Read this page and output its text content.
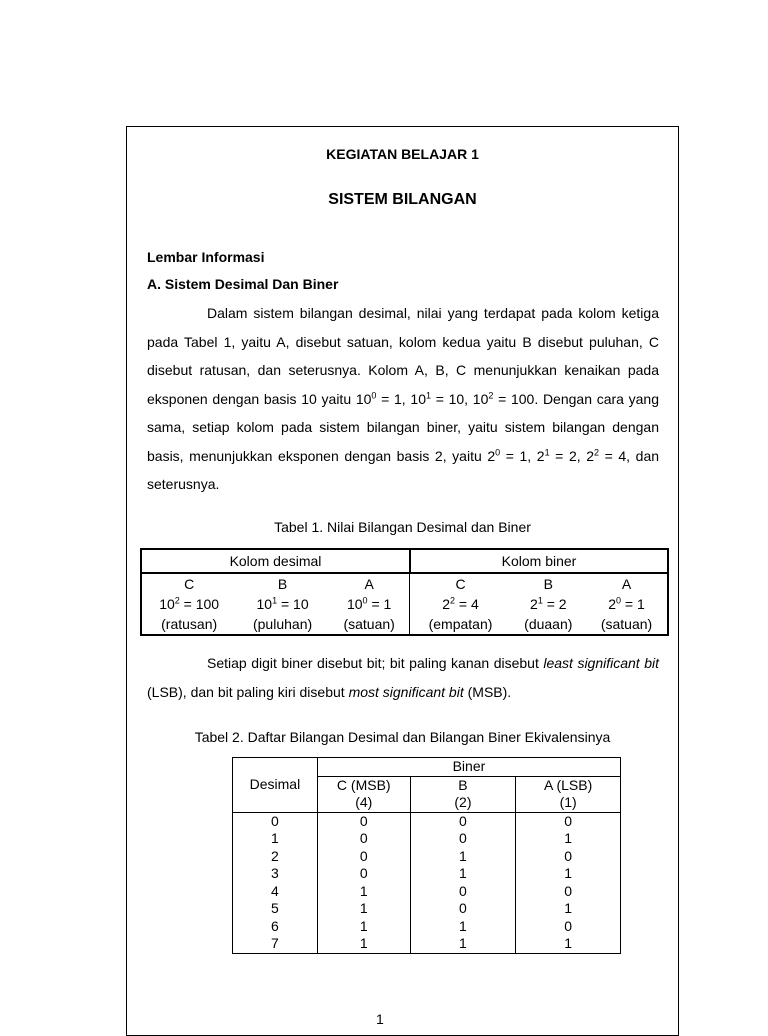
KEGIATAN BELAJAR 1
SISTEM BILANGAN
Lembar Informasi
A. Sistem Desimal Dan Biner

Dalam sistem bilangan desimal, nilai yang terdapat pada kolom ketiga pada Tabel 1, yaitu A, disebut satuan, kolom kedua yaitu B disebut puluhan, C disebut ratusan, dan seterusnya. Kolom A, B, C menunjukkan kenaikan pada eksponen dengan basis 10 yaitu $10^0 = 1$, $10^1 = 10$, $10^2 = 100$. Dengan cara yang sama, setiap kolom pada sistem bilangan biner, yaitu sistem bilangan dengan basis, menunjukkan eksponen dengan basis 2, yaitu $2^0 = 1$, $2^1 = 2$, $2^2 = 4$, dan seterusnya.

Tabel 1. Nilai Bilangan Desimal dan Biner
Kolom desimal			Kolom biner		
C	B	A	C	B	A
$10^2 = 100$	$10^1 = 10$	$10^0 = 1$	$2^2 = 4$	$2^1 = 2$	$2^0 = 1$
(ratusan)	(puluhan)	(satuan)	(empatan)	(duaan)	(satuan)

Setiap digit biner disebut bit; bit paling kanan disebut least significant bit (LSB), dan bit paling kiri disebut most significant bit (MSB).

Tabel 2. Daftar Bilangan Desimal dan Bilangan Biner Ekivalensinya
Desimal	Biner		
	C (MSB)	B	A (LSB)
	(4)	(2)	(1)
0	0	0	0
1	0	0	1
2	0	1	0
3	0	1	1
4	1	0	0
5	1	0	1
6	1	1	0
7	1	1	1
1
